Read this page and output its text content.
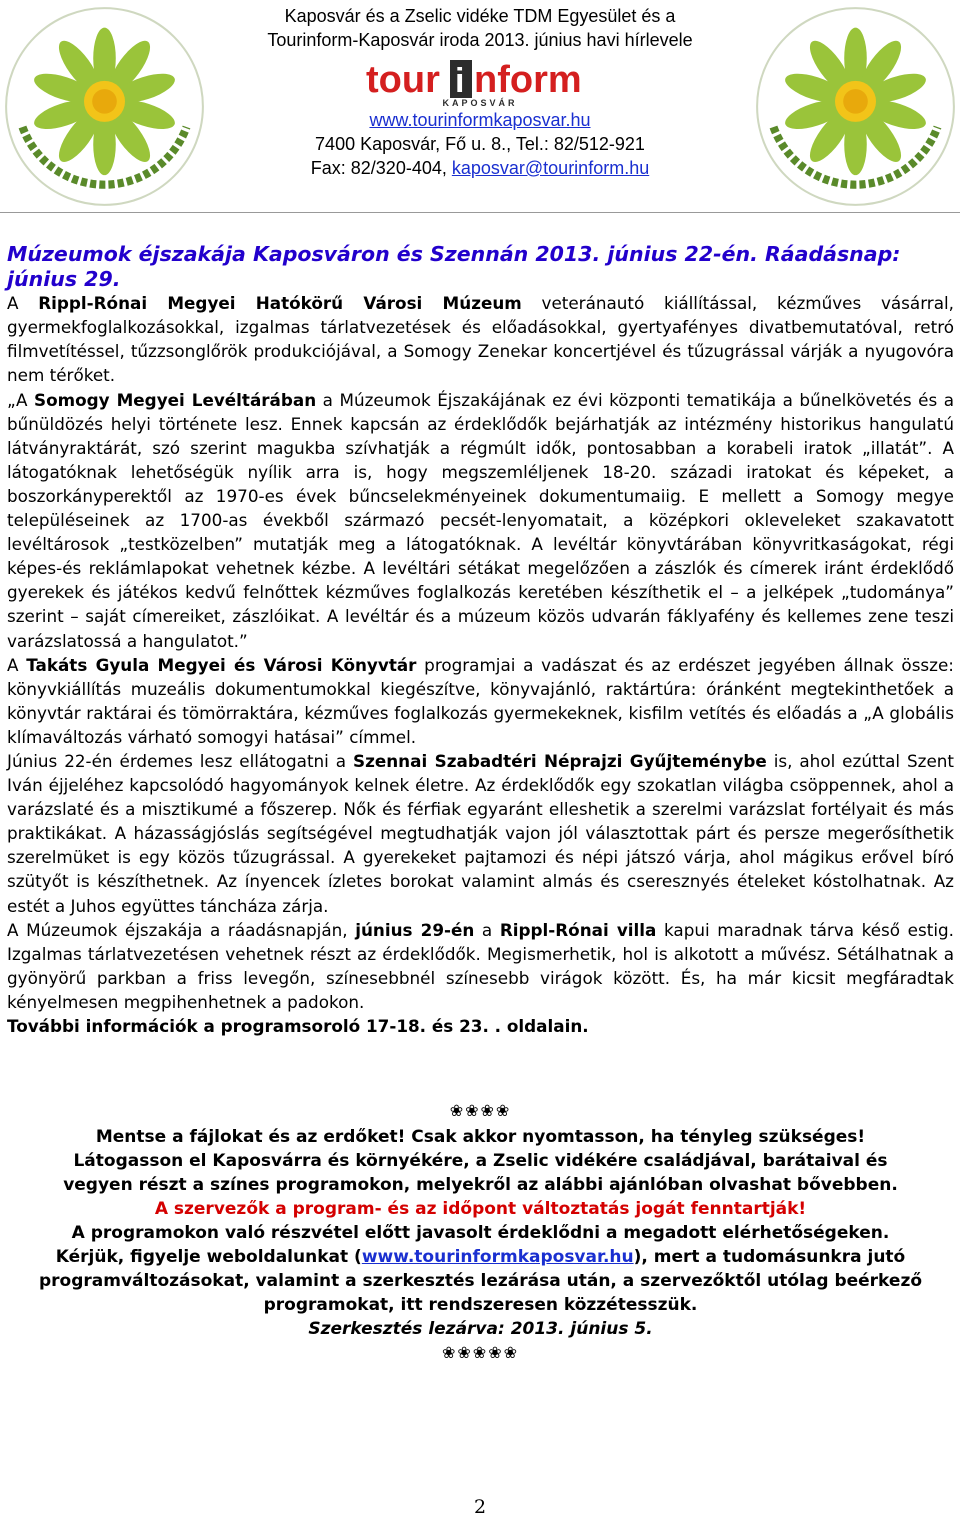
Kaposvár és a Zselic vidéke TDM Egyesület és a
Tourinform-Kaposvár iroda 2013. június havi hírlevele
tour i nform
KAPOSVÁR
www.tourinformkaposvar.hu
7400 Kaposvár, Fő u. 8., Tel.: 82/512-921
Fax: 82/320-404, kaposvar@tourinform.hu
Múzeumok éjszakája Kaposváron és Szennán 2013. június 22-én. Ráadásnap: június 29.

A Rippl-Rónai Megyei Hatókörű Városi Múzeum veteránautó kiállítással, kézműves vásárral, gyermekfoglalkozásokkal, izgalmas tárlatvezetések és előadásokkal, gyertyafényes divatbemutatóval, retró filmvetítéssel, tűzzsonglőrök produkciójával, a Somogy Zenekar koncertjével és tűzugrással várják a nyugovóra nem térőket.

„A Somogy Megyei Levéltárában a Múzeumok Éjszakájának ez évi központi tematikája a bűnelkövetés és a bűnüldözés helyi története lesz. Ennek kapcsán az érdeklődők bejárhatják az intézmény historikus hangulatú látványraktárát, szó szerint magukba szívhatják a régmúlt idők, pontosabban a korabeli iratok „illatát”. A látogatóknak lehetőségük nyílik arra is, hogy megszemléljenek 18-20. századi iratokat és képeket, a boszorkányperektől az 1970-es évek bűncselekményeinek dokumentumaiig. E mellett a Somogy megye településeinek az 1700-as évekből származó pecsét-lenyomatait, a középkori okleveleket szakavatott levéltárosok „testközelben” mutatják meg a látogatóknak. A levéltár könyvtárában könyvritkaságokat, régi képes-és reklámlapokat vehetnek kézbe. A levéltári sétákat megelőzően a zászlók és címerek iránt érdeklődő gyerekek és játékos kedvű felnőttek kézműves foglalkozás keretében készíthetik el – a jelképek „tudománya” szerint – saját címereiket, zászlóikat. A levéltár és a múzeum közös udvarán fáklyafény és kellemes zene teszi varázslatossá a hangulatot.”

A Takáts Gyula Megyei és Városi Könyvtár programjai a vadászat és az erdészet jegyében állnak össze: könyvkiállítás muzeális dokumentumokkal kiegészítve, könyvajánló, raktártúra: óránként megtekinthetőek a könyvtár raktárai és tömörraktára, kézműves foglalkozás gyermekeknek, kisfilm vetítés és előadás a „A globális klímaváltozás várható somogyi hatásai” címmel.

Június 22-én érdemes lesz ellátogatni a Szennai Szabadtéri Néprajzi Gyűjteménybe is, ahol ezúttal Szent Iván éjjeléhez kapcsolódó hagyományok kelnek életre. Az érdeklődők egy szokatlan világba csöppennek, ahol a varázslaté és a misztikumé a főszerep. Nők és férfiak egyaránt elleshetik a szerelmi varázslat fortélyait és más praktikákat. A házasságjóslás segítségével megtudhatják vajon jól választottak párt és persze megerősíthetik szerelmüket is egy közös tűzugrással. A gyerekeket pajtamozi és népi játszó várja, ahol mágikus erővel bíró szütyőt is készíthetnek. Az ínyencek ízletes borokat valamint almás és cseresznyés ételeket kóstolhatnak. Az estét a Juhos együttes táncháza zárja.

A Múzeumok éjszakája a ráadásnapján, június 29-én a Rippl-Rónai villa kapui maradnak tárva késő estig. Izgalmas tárlatvezetésen vehetnek részt az érdeklődők. Megismerhetik, hol is alkotott a művész. Sétálhatnak a gyönyörű parkban a friss levegőn, színesebbnél színesebb virágok között. És, ha már kicsit megfáradtak kényelmesen megpihenhetnek a padokon.

További információk a programsoroló 17-18. és 23. . oldalain.

❀❀❀❀
Mentse a fájlokat és az erdőket! Csak akkor nyomtasson, ha tényleg szükséges!
Látogasson el Kaposvárra és környékére, a Zselic vidékére családjával, barátaival és vegyen részt a színes programokon, melyekről az alábbi ajánlóban olvashat bővebben.
A szervezők a program- és az időpont változtatás jogát fenntartják!
A programokon való részvétel előtt javasolt érdeklődni a megadott elérhetőségeken.
Kérjük, figyelje weboldalunkat (www.tourinformkaposvar.hu), mert a tudomásunkra jutó programváltozásokat, valamint a szerkesztés lezárása után, a szervezőktől utólag beérkező programokat, itt rendszeresen közzétesszük.
Szerkesztés lezárva: 2013. június 5.
❀❀❀❀❀
2
